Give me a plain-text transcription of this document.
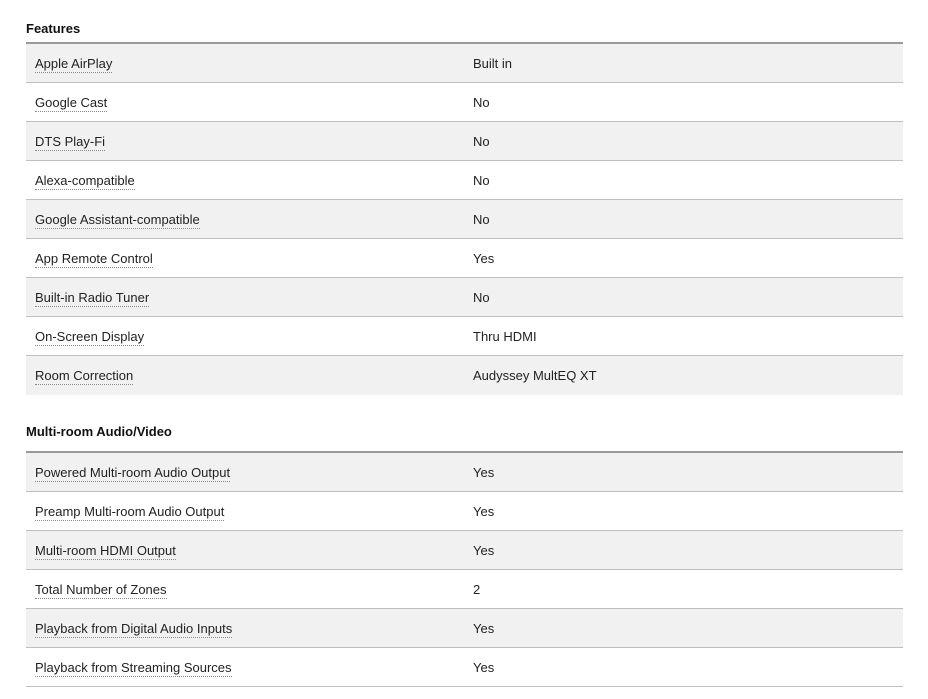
Features
Apple AirPlay	Built in
Google Cast	No
DTS Play-Fi	No
Alexa-compatible	No
Google Assistant-compatible	No
App Remote Control	Yes
Built-in Radio Tuner	No
On-Screen Display	Thru HDMI
Room Correction	Audyssey MultEQ XT
Multi-room Audio/Video
Powered Multi-room Audio Output	Yes
Preamp Multi-room Audio Output	Yes
Multi-room HDMI Output	Yes
Total Number of Zones	2
Playback from Digital Audio Inputs	Yes
Playback from Streaming Sources	Yes
